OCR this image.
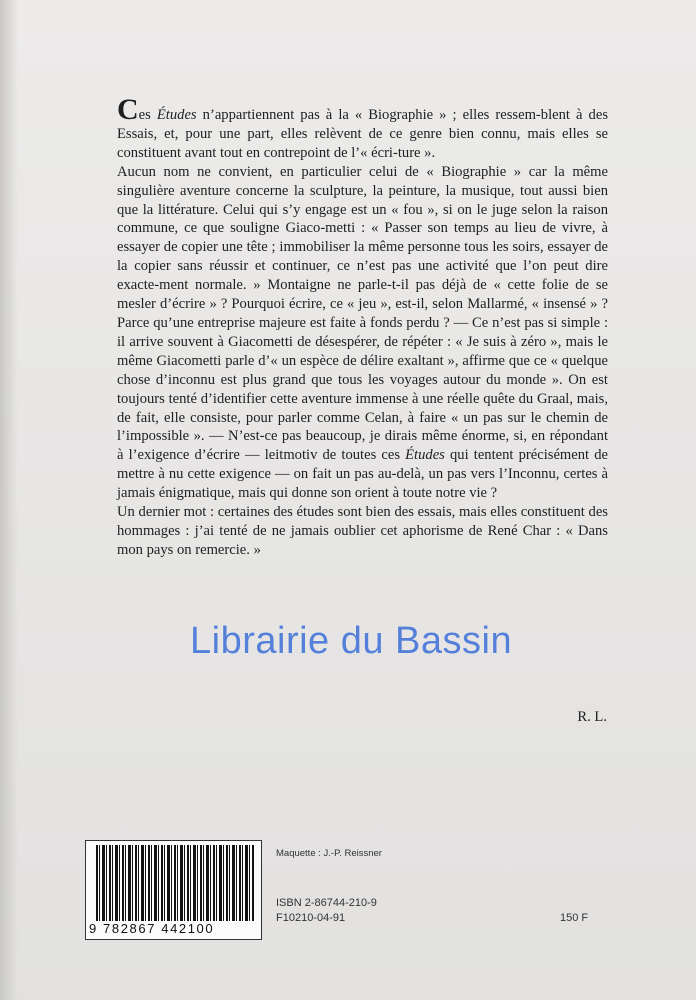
Ces Études n’appartiennent pas à la « Biographie » ; elles ressem-blent à des Essais, et, pour une part, elles relèvent de ce genre bien connu, mais elles se constituent avant tout en contrepoint de l’« écri-ture ».

Aucun nom ne convient, en particulier celui de « Biographie » car la même singulière aventure concerne la sculpture, la peinture, la musique, tout aussi bien que la littérature. Celui qui s’y engage est un « fou », si on le juge selon la raison commune, ce que souligne Giaco-metti : « Passer son temps au lieu de vivre, à essayer de copier une tête ; immobiliser la même personne tous les soirs, essayer de la copier sans réussir et continuer, ce n’est pas une activité que l’on peut dire exacte-ment normale. » Montaigne ne parle-t-il pas déjà de « cette folie de se mesler d’écrire » ? Pourquoi écrire, ce « jeu », est-il, selon Mallarmé, « insensé » ? Parce qu’une entreprise majeure est faite à fonds perdu ? — Ce n’est pas si simple : il arrive souvent à Giacometti de désespérer, de répéter : « Je suis à zéro », mais le même Giacometti parle d’« un espèce de délire exaltant », affirme que ce « quelque chose d’inconnu est plus grand que tous les voyages autour du monde ». On est toujours tenté d’identifier cette aventure immense à une réelle quête du Graal, mais, de fait, elle consiste, pour parler comme Celan, à faire « un pas sur le chemin de l’impossible ». — N’est-ce pas beaucoup, je dirais même énorme, si, en répondant à l’exigence d’écrire — leitmotiv de toutes ces Études qui tentent précisément de mettre à nu cette exigence — on fait un pas au-delà, un pas vers l’Inconnu, certes à jamais énigmatique, mais qui donne son orient à toute notre vie ?

Un dernier mot : certaines des études sont bien des essais, mais elles constituent des hommages : j’ai tenté de ne jamais oublier cet aphorisme de René Char : « Dans mon pays on remercie. »

R. L.
Librairie du Bassin
9 782867 442100
Maquette : J.-P. Reissner
ISBN 2-86744-210-9
F10210-04-91	150 F
